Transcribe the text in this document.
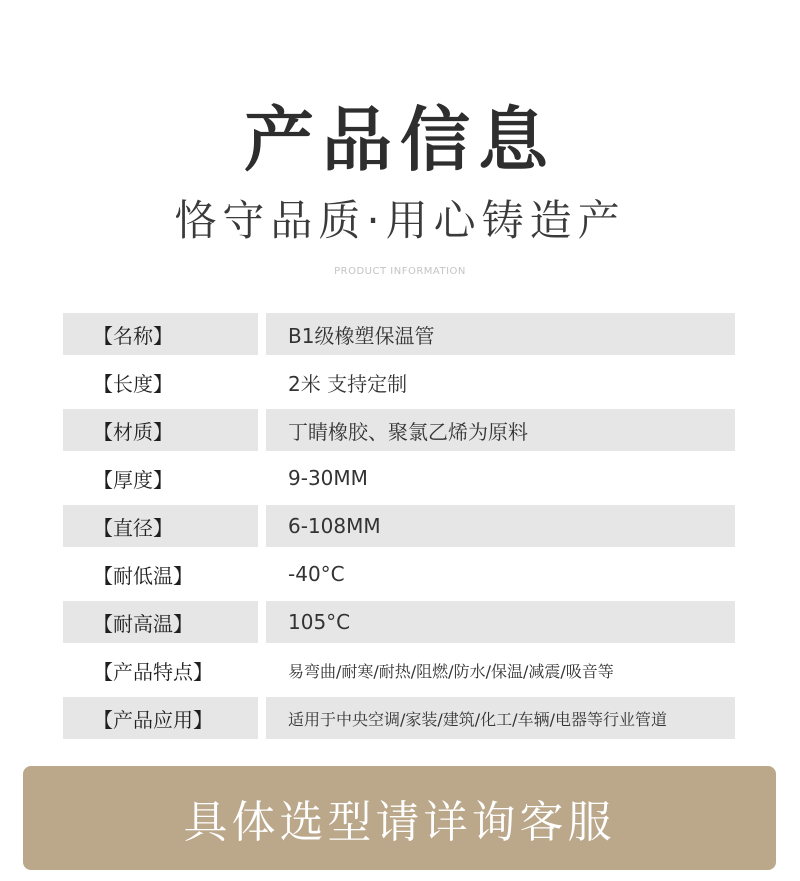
产品信息
恪守品质·用心铸造产
PRODUCT INFORMATION
【名称】	B1级橡塑保温管
【长度】	2米 支持定制
【材质】	丁睛橡胶、聚氯乙烯为原料
【厚度】	9-30MM
【直径】	6-108MM
【耐低温】	-40°C
【耐高温】	105°C
【产品特点】	易弯曲/耐寒/耐热/阻燃/防水/保温/减震/吸音等
【产品应用】	适用于中央空调/家装/建筑/化工/车辆/电器等行业管道
具体选型请详询客服
